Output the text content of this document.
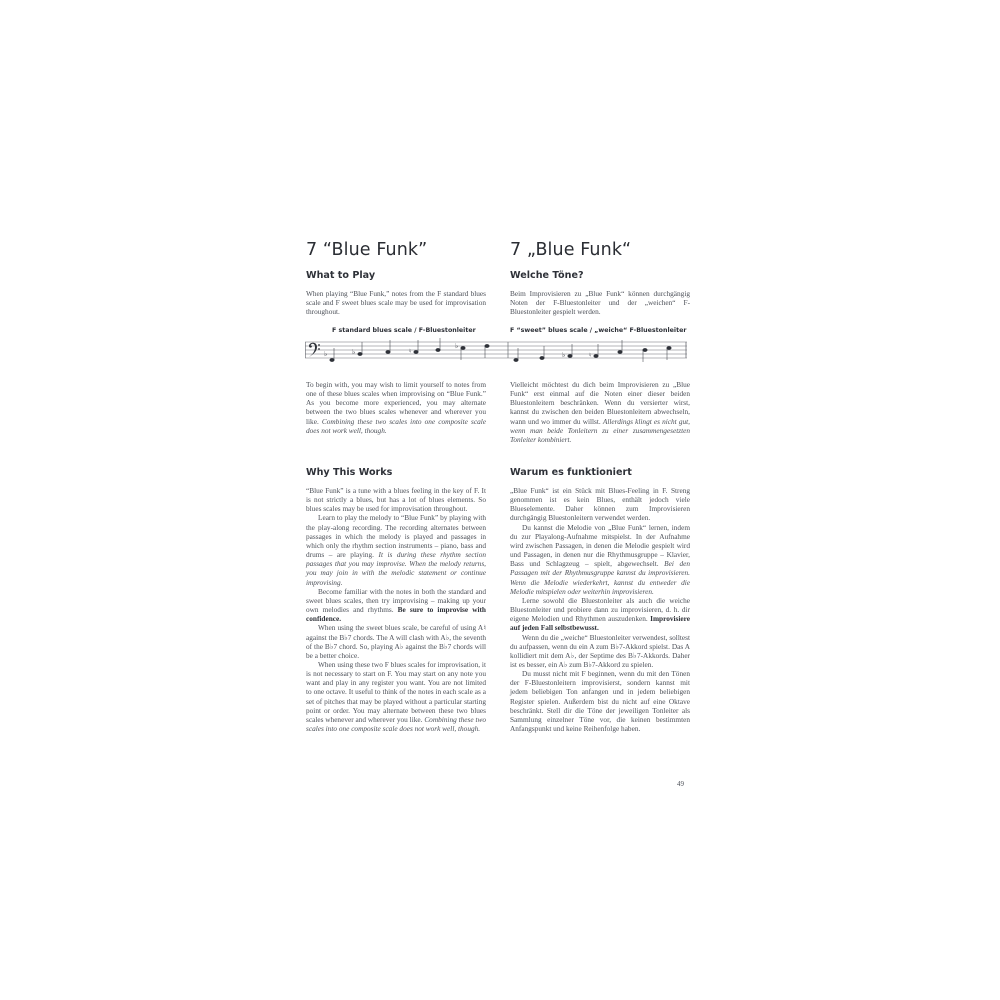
7 “Blue Funk”
What to Play

When playing “Blue Funk,” notes from the F standard blues scale and F sweet blues scale may be used for improvisation throughout.

7 „Blue Funk“
Welche Töne?

Beim Improvisieren zu „Blue Funk“ können durchgängig Noten der F-Bluestonleiter und der „weichen“ F-Bluestonleiter gespielt werden.

F standard blues scale / F-Bluestonleiter	F “sweet” blues scale / „weiche“ F-Bluestonleiter
♭	♭	♮
♭
♭	♮

To begin with, you may wish to limit yourself to notes from one of these blues scales when improvising on “Blue Funk.” As you become more experienced, you may alternate between the two blues scales whenever and wherever you like. Combining these two scales into one composite scale does not work well, though.

Vielleicht möchtest du dich beim Improvisieren zu „Blue Funk“ erst einmal auf die Noten einer dieser beiden Bluestonleitern beschränken. Wenn du versierter wirst, kannst du zwischen den beiden Bluestonleitern abwechseln, wann und wo immer du willst. Allerdings klingt es nicht gut, wenn man beide Tonleitern zu einer zusammengesetzten Tonleiter kombiniert.

Why This Works

“Blue Funk” is a tune with a blues feeling in the key of F. It is not strictly a blues, but has a lot of blues elements. So blues scales may be used for improvisation throughout.

Learn to play the melody to “Blue Funk” by playing with the play-along recording. The recording alternates between passages in which the melody is played and passages in which only the rhythm section instruments – piano, bass and drums – are playing. It is during these rhythm section passages that you may improvise. When the melody returns, you may join in with the melodic statement or continue improvising.

Become familiar with the notes in both the standard and sweet blues scales, then try improvising – making up your own melodies and rhythms. Be sure to improvise with confidence.

When using the sweet blues scale, be careful of using A♮ against the B♭7 chords. The A will clash with A♭, the seventh of the B♭7 chord. So, playing A♭ against the B♭7 chords will be a better choice.

When using these two F blues scales for improvisation, it is not necessary to start on F. You may start on any note you want and play in any register you want. You are not limited to one octave. It useful to think of the notes in each scale as a set of pitches that may be played without a particular starting point or order. You may alternate between these two blues scales whenever and wherever you like. Combining these two scales into one composite scale does not work well, though.

Warum es funktioniert

„Blue Funk“ ist ein Stück mit Blues-Feeling in F. Streng genommen ist es kein Blues, enthält jedoch viele Blueselemente. Daher können zum Improvisieren durchgängig Bluestonleitern verwendet werden.

Du kannst die Melodie von „Blue Funk“ lernen, indem du zur Playalong-Aufnahme mitspielst. In der Aufnahme wird zwischen Passagen, in denen die Melodie gespielt wird und Passagen, in denen nur die Rhythmusgruppe – Klavier, Bass und Schlagzeug – spielt, abgewechselt. Bei den Passagen mit der Rhythmusgruppe kannst du improvisieren. Wenn die Melodie wiederkehrt, kannst du entweder die Melodie mitspielen oder weiterhin improvisieren.

Lerne sowohl die Bluestonleiter als auch die weiche Bluestonleiter und probiere dann zu improvisieren, d. h. dir eigene Melodien und Rhythmen auszudenken. Improvisiere auf jeden Fall selbstbewusst.

Wenn du die „weiche“ Bluestonleiter verwendest, solltest du aufpassen, wenn du ein A zum B♭7-Akkord spielst. Das A kollidiert mit dem A♭, der Septime des B♭7-Akkords. Daher ist es besser, ein A♭ zum B♭7-Akkord zu spielen.

Du musst nicht mit F beginnen, wenn du mit den Tönen der F-Bluestonleitern improvisierst, sondern kannst mit jedem beliebigen Ton anfangen und in jedem beliebigen Register spielen. Außerdem bist du nicht auf eine Oktave beschränkt. Stell dir die Töne der jeweiligen Tonleiter als Sammlung einzelner Töne vor, die keinen bestimmten Anfangspunkt und keine Reihenfolge haben.

49
